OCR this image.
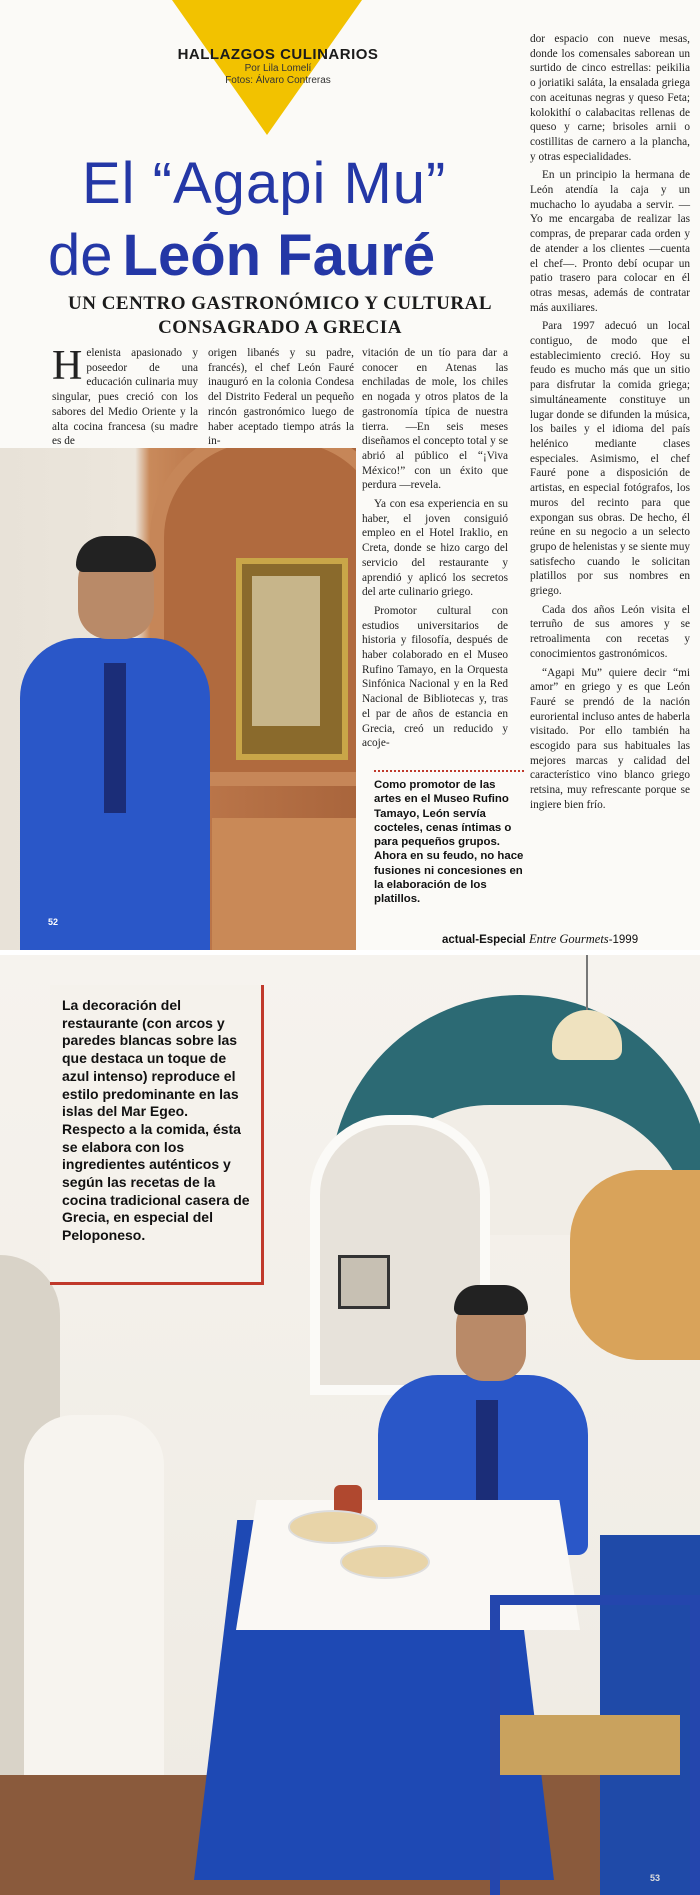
HALLAZGOS CULINARIOS
Por Lila Lomelí
Fotos: Álvaro Contreras
El “Agapi Mu”
de León Fauré
UN CENTRO GASTRONÓMICO Y CULTURAL
CONSAGRADO A GRECIA

Helenista apasionado y poseedor de una educación culinaria muy singular, pues creció con los sabores del Medio Oriente y la alta cocina francesa (su madre es de

origen libanés y su padre, francés), el chef León Fauré inauguró en la colonia Condesa del Distrito Federal un pequeño rincón gastronómico luego de haber aceptado tiempo atrás la in-

vitación de un tío para dar a conocer en Atenas las enchiladas de mole, los chiles en nogada y otros platos de la gastronomía típica de nuestra tierra. —En seis meses diseñamos el concepto total y se abrió al público el “¡Viva México!” con un éxito que perdura —revela.

Ya con esa experiencia en su haber, el joven consiguió empleo en el Hotel Iraklio, en Creta, donde se hizo cargo del servicio del restaurante y aprendió y aplicó los secretos del arte culinario griego.

Promotor cultural con estudios universitarios de historia y filosofía, después de haber colaborado en el Museo Rufino Tamayo, en la Orquesta Sinfónica Nacional y en la Red Nacional de Bibliotecas y, tras el par de años de estancia en Grecia, creó un reducido y acoje-

dor espacio con nueve mesas, donde los comensales saborean un surtido de cinco estrellas: peikilia o joriatiki saláta, la ensalada griega con aceitunas negras y queso Feta; kolokithí o calabacitas rellenas de queso y carne; brisoles arnii o costillitas de carnero a la plancha, y otras especialidades.

En un principio la hermana de León atendía la caja y un muchacho lo ayudaba a servir. —Yo me encargaba de realizar las compras, de preparar cada orden y de atender a los clientes —cuenta el chef—. Pronto debí ocupar un patio trasero para colocar en él otras mesas, además de contratar más auxiliares.

Para 1997 adecuó un local contiguo, de modo que el establecimiento creció. Hoy su feudo es mucho más que un sitio para disfrutar la comida griega; simultáneamente constituye un lugar donde se difunden la música, los bailes y el idioma del país helénico mediante clases especiales. Asimismo, el chef Fauré pone a disposición de artistas, en especial fotógrafos, los muros del recinto para que expongan sus obras. De hecho, él reúne en su negocio a un selecto grupo de helenistas y se siente muy satisfecho cuando le solicitan platillos por sus nombres en griego.

Cada dos años León visita el terruño de sus amores y se retroalimenta con recetas y conocimientos gastronómicos.

“Agapi Mu” quiere decir “mi amor” en griego y es que León Fauré se prendó de la nación euroriental incluso antes de haberla visitado. Por ello también ha escogido para sus habituales las mejores marcas y calidad del característico vino blanco griego retsina, muy refrescante porque se ingiere bien frío.

52
Como promotor de las artes en el Museo Rufino Tamayo, León servía cocteles, cenas íntimas o para pequeños grupos. Ahora en su feudo, no hace fusiones ni concesiones en la elaboración de los platillos.
actual-Especial Entre Gourmets-1999
La decoración del restaurante (con arcos y paredes blancas sobre las que destaca un toque de azul intenso) reproduce el estilo predominante en las islas del Mar Egeo. Respecto a la comida, ésta se elabora con los ingredientes auténticos y según las recetas de la cocina tradicional casera de Grecia, en especial del Peloponeso.
53
